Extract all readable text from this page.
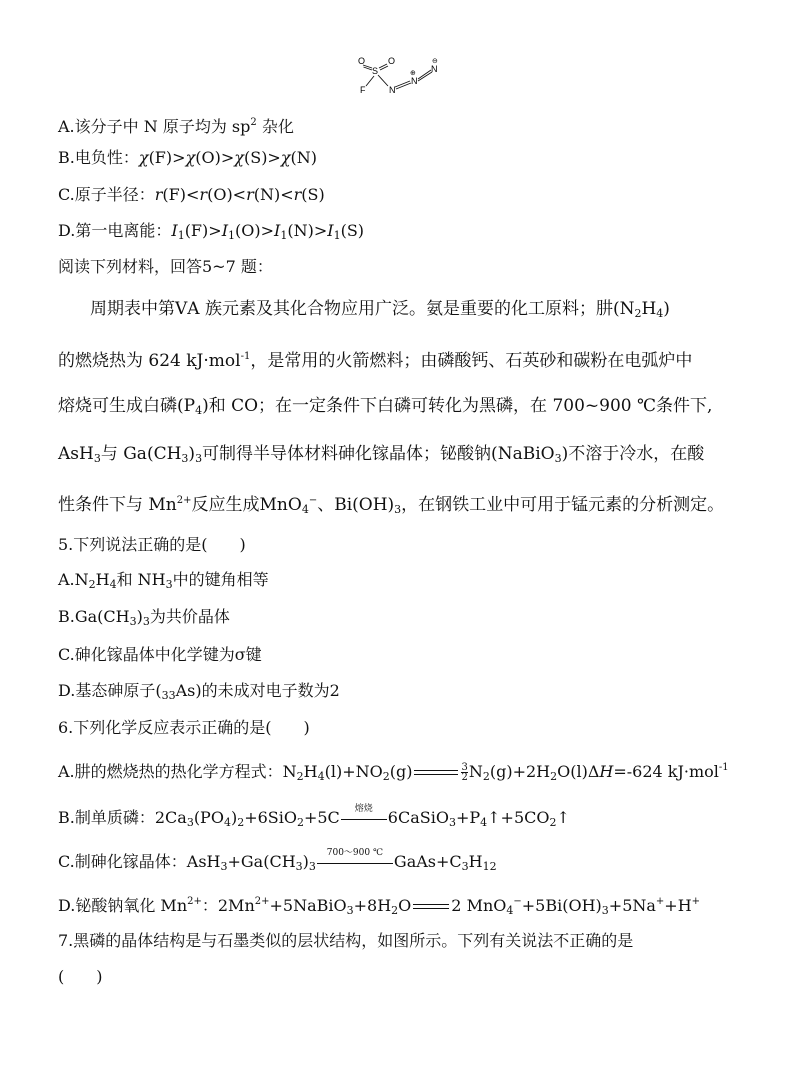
O	O
S
F	N
N
N
⊕
⊖
A.该分子中 N 原子均为 $sp^2$ 杂化
B.电负性：χ(F)>χ(O)>χ(S)>χ(N)
C.原子半径：r(F)<r(O)<r(N)<r(S)
D.第一电离能：$I_1(F)>I_1(O)>I_1(N)>I_1(S)$
阅读下列材料，回答5~7 题：
周期表中第ⅤA 族元素及其化合物应用广泛。氨是重要的化工原料；肼$(N_2H_4)$
的燃烧热为 624 kJ·mol$^{-1}$，是常用的火箭燃料；由磷酸钙、石英砂和碳粉在电弧炉中
熔烧可生成白磷$(P_4)$和 CO；在一定条件下白磷可转化为黑磷，在 700~900 ℃条件下,
AsH$_3$与 $Ga(CH_3)_3$可制得半导体材料砷化镓晶体；铋酸钠(NaBiO$_3$)不溶于冷水，在酸
性条件下与 $Mn^{2+}$反应生成MnO$_4$−、$Bi(OH)_3$，在钢铁工业中可用于锰元素的分析测定。
5.下列说法正确的是(　　)
$A.N_2H_4$和 $NH_3$中的键角相等
$B.Ga(CH_3)_3$为共价晶体
C.砷化镓晶体中化学键为σ键
D.基态砷原子$(_{33}As)$的未成对电子数为2
6.下列化学反应表示正确的是(　　)
A.肼的燃烧热的热化学方程式：$N_2H_4(l)+NO_2(g)$	$\frac{3}{2} N_2(g)+2H_2O(l)\Delta H=-624$ kJ·mol$^{-1}$
B.制单质磷：$2Ca_3(PO_4)_2+6SiO_2+5C$	熔烧 $6CaSiO_3+P_4↑+5CO_2↑$
C.制砷化镓晶体：$AsH_3+Ga(CH_3)_3$
700～900 ℃ $GaAs+C_3H_{12}$
D.铋酸钠氧化 $Mn^{2+}$：$2Mn^{2+}+5NaBiO_3+8H_2O$	2 $MnO_4^-+5Bi(OH)_3+5Na^++H^+$
7.黑磷的晶体结构是与石墨类似的层状结构，如图所示。下列有关说法不正确的是
(　　)
